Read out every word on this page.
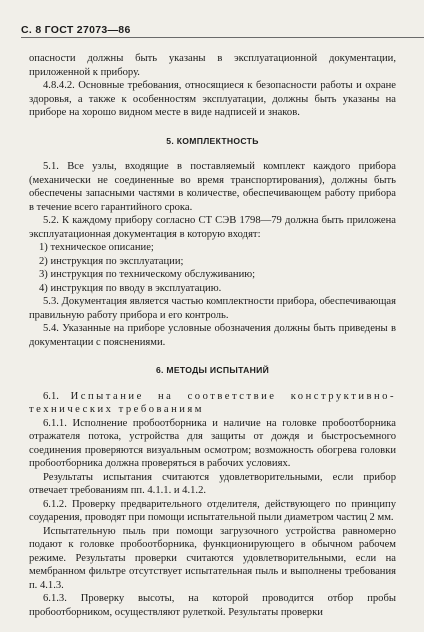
С. 8 ГОСТ 27073—86

опасности должны быть указаны в эксплуатационной документации, приложенной к прибору.

4.8.4.2. Основные требования, относящиеся к безопасности работы и охране здоровья, а также к особенностям эксплуатации, должны быть указаны на приборе на хорошо видном месте в виде надписей и знаков.

5. КОМПЛЕКТНОСТЬ

5.1. Все узлы, входящие в поставляемый комплект каждого прибора (механически не соединенные во время транспортирования), должны быть обеспечены запасными частями в количестве, обеспечивающем работу прибора в течение всего гарантийного срока.

5.2. К каждому прибору согласно СТ СЭВ 1798—79 должна быть приложена эксплуатационная документация в которую входят:

1) техническое описание;

2) инструкция по эксплуатации;

3) инструкция по техническому обслуживанию;

4) инструкция по вводу в эксплуатацию.

5.3. Документация является частью комплектности прибора, обеспечивающая правильную работу прибора и его контроль.

5.4. Указанные на приборе условные обозначения должны быть приведены в документации с пояснениями.

6. МЕТОДЫ ИСПЫТАНИЙ

6.1. Испытание на соответствие конструктивно-технических требованиям

6.1.1. Исполнение пробоотборника и наличие на головке пробоотборника отражателя потока, устройства для защиты от дождя и быстросъемного соединения проверяются визуальным осмотром; возможность обогрева головки пробоотборника должна проверяться в рабочих условиях.

Результаты испытания считаются удовлетворительными, если прибор отвечает требованиям пп. 4.1.1. и 4.1.2.

6.1.2. Проверку предварительного отделителя, действующего по принципу соударения, проводят при помощи испытательной пыли диаметром частиц 2 мм.

Испытательную пыль при помощи загрузочного устройства равномерно подают к головке пробоотборника, функционирующего в обычном рабочем режиме. Результаты проверки считаются удовлетворительными, если на мембранном фильтре отсутствует испытательная пыль и выполнены требования п. 4.1.3.

6.1.3. Проверку высоты, на которой проводится отбор пробы пробоотборником, осуществляют рулеткой. Результаты проверки
